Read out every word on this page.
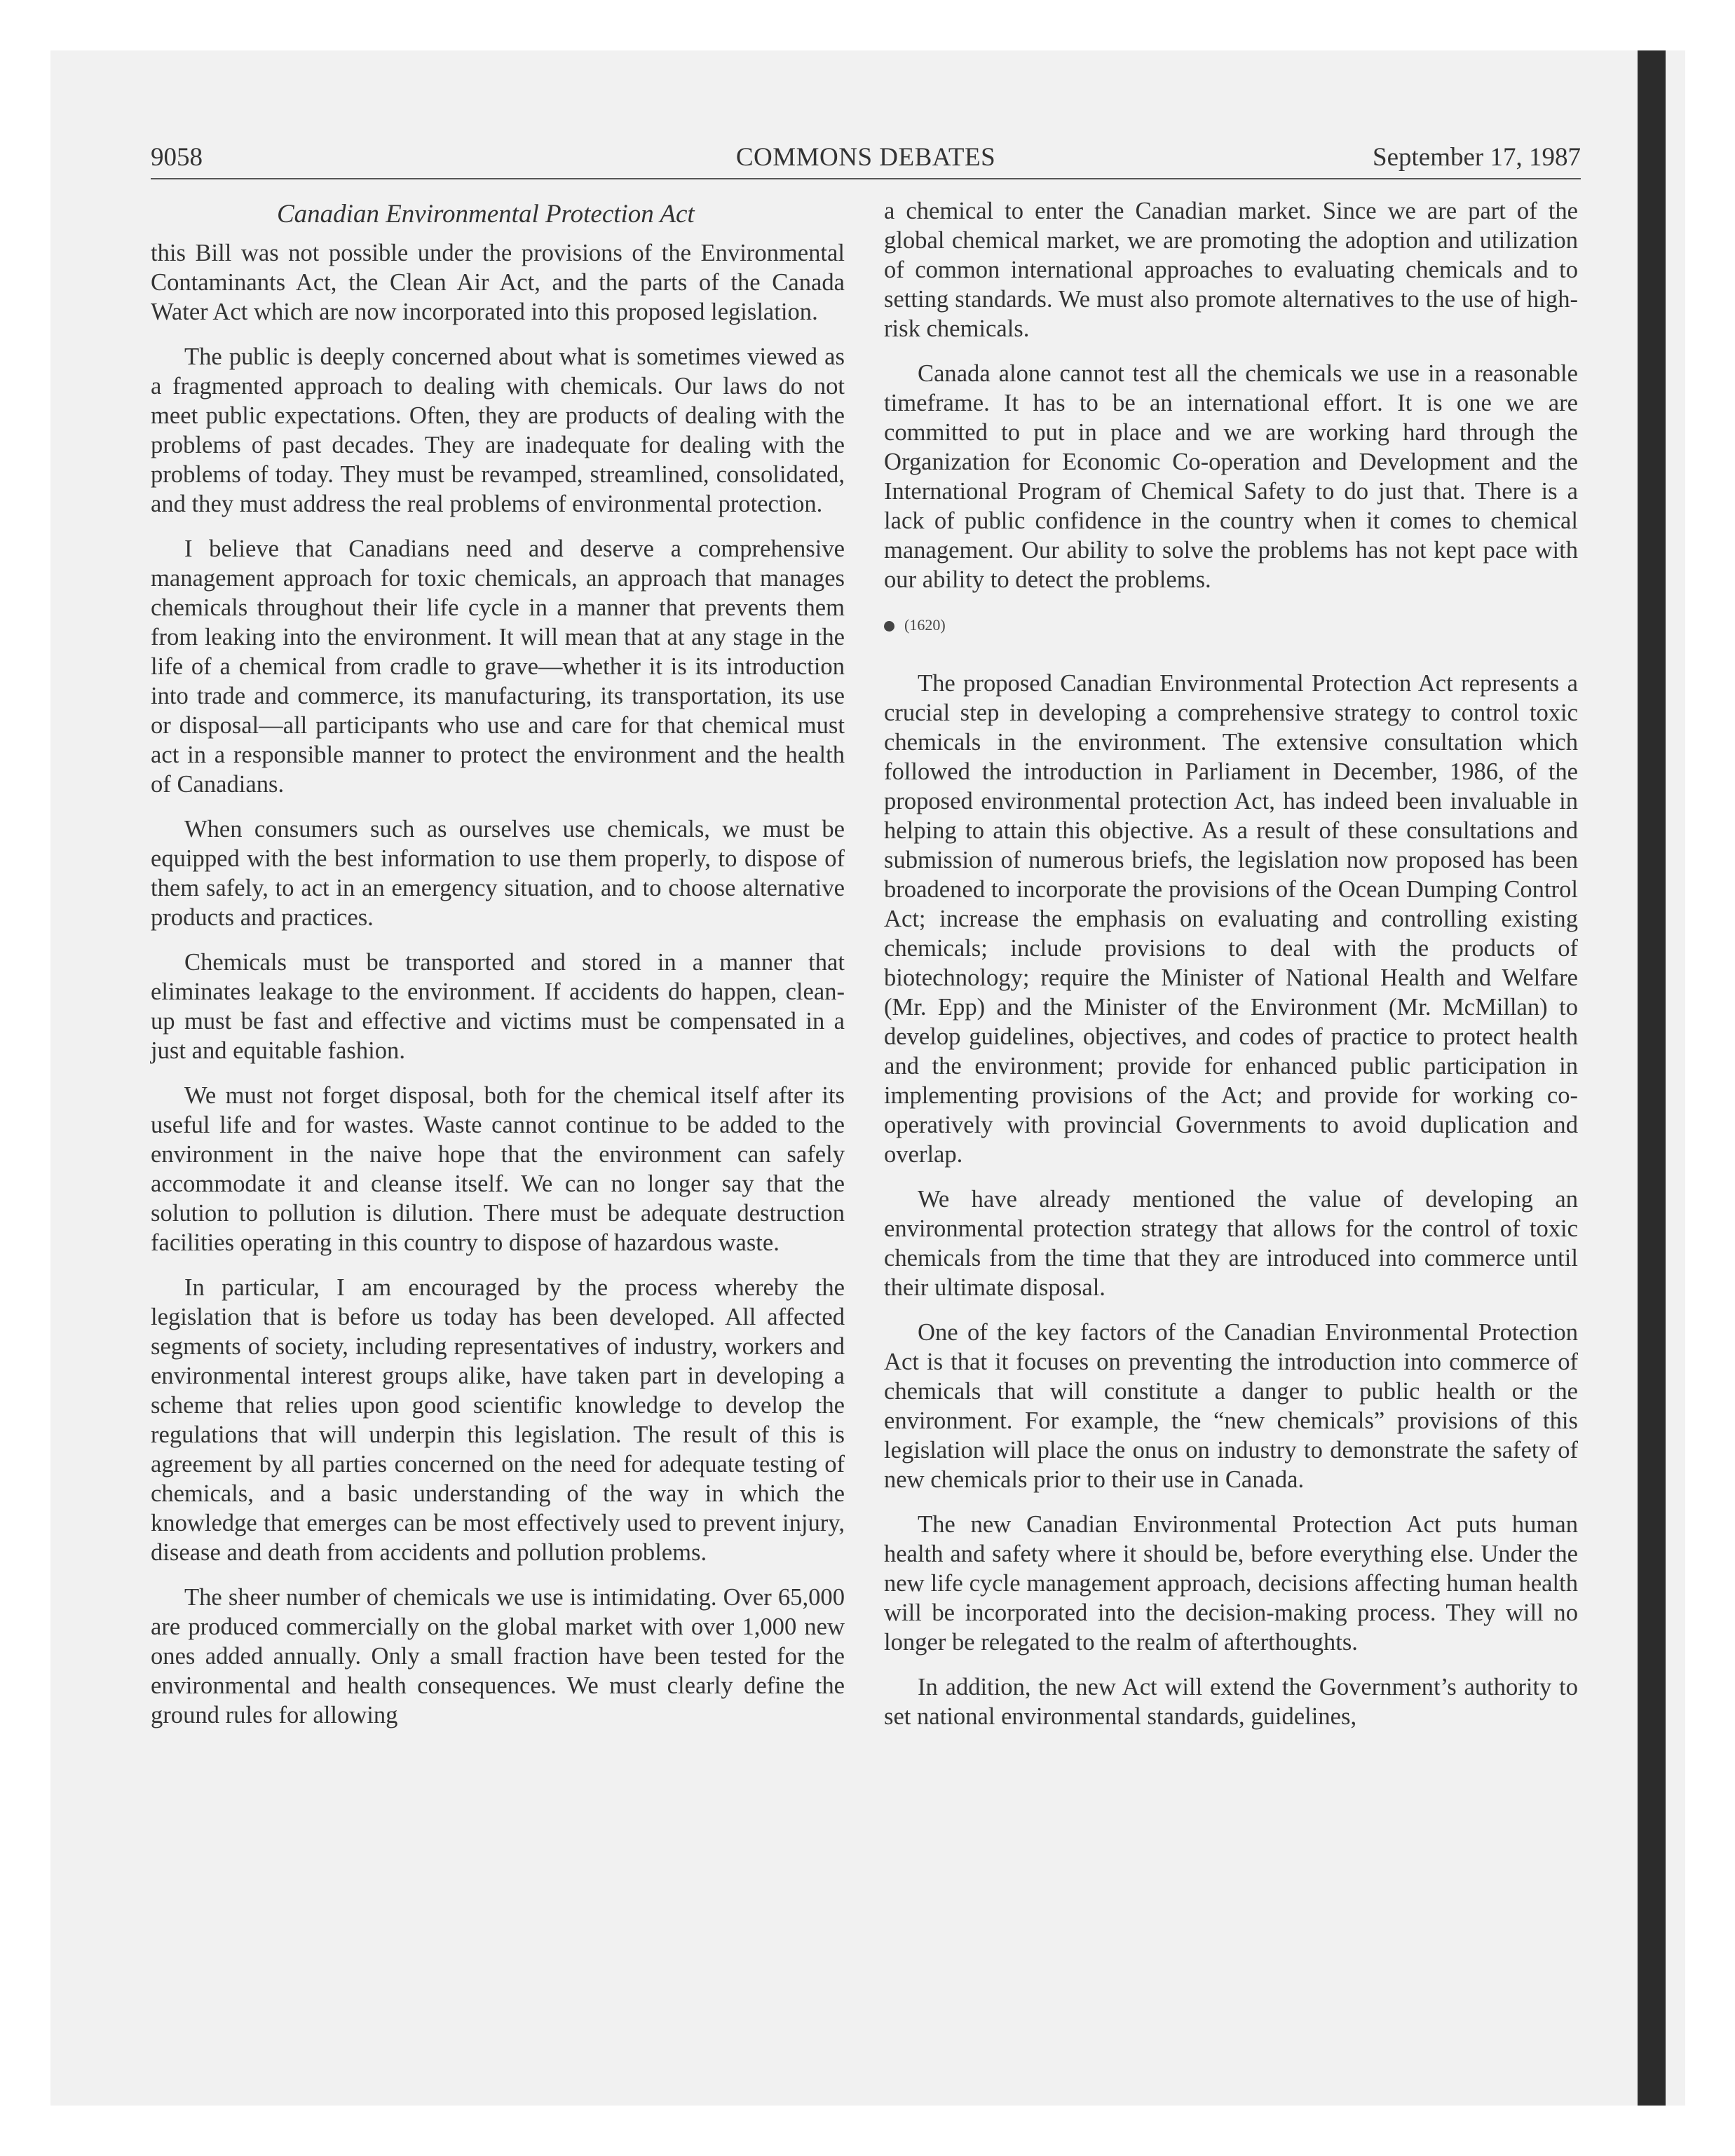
9058	COMMONS DEBATES	September 17, 1987
Canadian Environmental Protection Act

this Bill was not possible under the provisions of the Environmental Contaminants Act, the Clean Air Act, and the parts of the Canada Water Act which are now incorporated into this proposed legislation.

The public is deeply concerned about what is sometimes viewed as a fragmented approach to dealing with chemicals. Our laws do not meet public expectations. Often, they are products of dealing with the problems of past decades. They are inadequate for dealing with the problems of today. They must be revamped, streamlined, consolidated, and they must address the real problems of environmental protection.

I believe that Canadians need and deserve a comprehensive management approach for toxic chemicals, an approach that manages chemicals throughout their life cycle in a manner that prevents them from leaking into the environment. It will mean that at any stage in the life of a chemical from cradle to grave—whether it is its introduction into trade and commerce, its manufacturing, its transportation, its use or disposal—all participants who use and care for that chemical must act in a responsible manner to protect the environment and the health of Canadians.

When consumers such as ourselves use chemicals, we must be equipped with the best information to use them properly, to dispose of them safely, to act in an emergency situation, and to choose alternative products and practices.

Chemicals must be transported and stored in a manner that eliminates leakage to the environment. If accidents do happen, clean-up must be fast and effective and victims must be compensated in a just and equitable fashion.

We must not forget disposal, both for the chemical itself after its useful life and for wastes. Waste cannot continue to be added to the environment in the naive hope that the environment can safely accommodate it and cleanse itself. We can no longer say that the solution to pollution is dilution. There must be adequate destruction facilities operating in this country to dispose of hazardous waste.

In particular, I am encouraged by the process whereby the legislation that is before us today has been developed. All affected segments of society, including representatives of industry, workers and environmental interest groups alike, have taken part in developing a scheme that relies upon good scientific knowledge to develop the regulations that will underpin this legislation. The result of this is agreement by all parties concerned on the need for adequate testing of chemicals, and a basic understanding of the way in which the knowledge that emerges can be most effectively used to prevent injury, disease and death from accidents and pollution problems.

The sheer number of chemicals we use is intimidating. Over 65,000 are produced commercially on the global market with over 1,000 new ones added annually. Only a small fraction have been tested for the environmental and health consequences. We must clearly define the ground rules for allowing

a chemical to enter the Canadian market. Since we are part of the global chemical market, we are promoting the adoption and utilization of common international approaches to evaluating chemicals and to setting standards. We must also promote alternatives to the use of high-risk chemicals.

Canada alone cannot test all the chemicals we use in a reasonable timeframe. It has to be an international effort. It is one we are committed to put in place and we are working hard through the Organization for Economic Co-operation and Development and the International Program of Chemical Safety to do just that. There is a lack of public confidence in the country when it comes to chemical management. Our ability to solve the problems has not kept pace with our ability to detect the problems.

(1620)

The proposed Canadian Environmental Protection Act represents a crucial step in developing a comprehensive strategy to control toxic chemicals in the environment. The extensive consultation which followed the introduction in Parliament in December, 1986, of the proposed environmental protection Act, has indeed been invaluable in helping to attain this objective. As a result of these consultations and submission of numerous briefs, the legislation now proposed has been broadened to incorporate the provisions of the Ocean Dumping Control Act; increase the emphasis on evaluating and controlling existing chemicals; include provisions to deal with the products of biotechnology; require the Minister of National Health and Welfare (Mr. Epp) and the Minister of the Environment (Mr. McMillan) to develop guidelines, objectives, and codes of practice to protect health and the environment; provide for enhanced public participation in implementing provisions of the Act; and provide for working co-operatively with provincial Governments to avoid duplication and overlap.

We have already mentioned the value of developing an environmental protection strategy that allows for the control of toxic chemicals from the time that they are introduced into commerce until their ultimate disposal.

One of the key factors of the Canadian Environmental Protection Act is that it focuses on preventing the introduction into commerce of chemicals that will constitute a danger to public health or the environment. For example, the “new chemicals” provisions of this legislation will place the onus on industry to demonstrate the safety of new chemicals prior to their use in Canada.

The new Canadian Environmental Protection Act puts human health and safety where it should be, before everything else. Under the new life cycle management approach, decisions affecting human health will be incorporated into the decision-making process. They will no longer be relegated to the realm of afterthoughts.

In addition, the new Act will extend the Government’s authority to set national environmental standards, guidelines,
